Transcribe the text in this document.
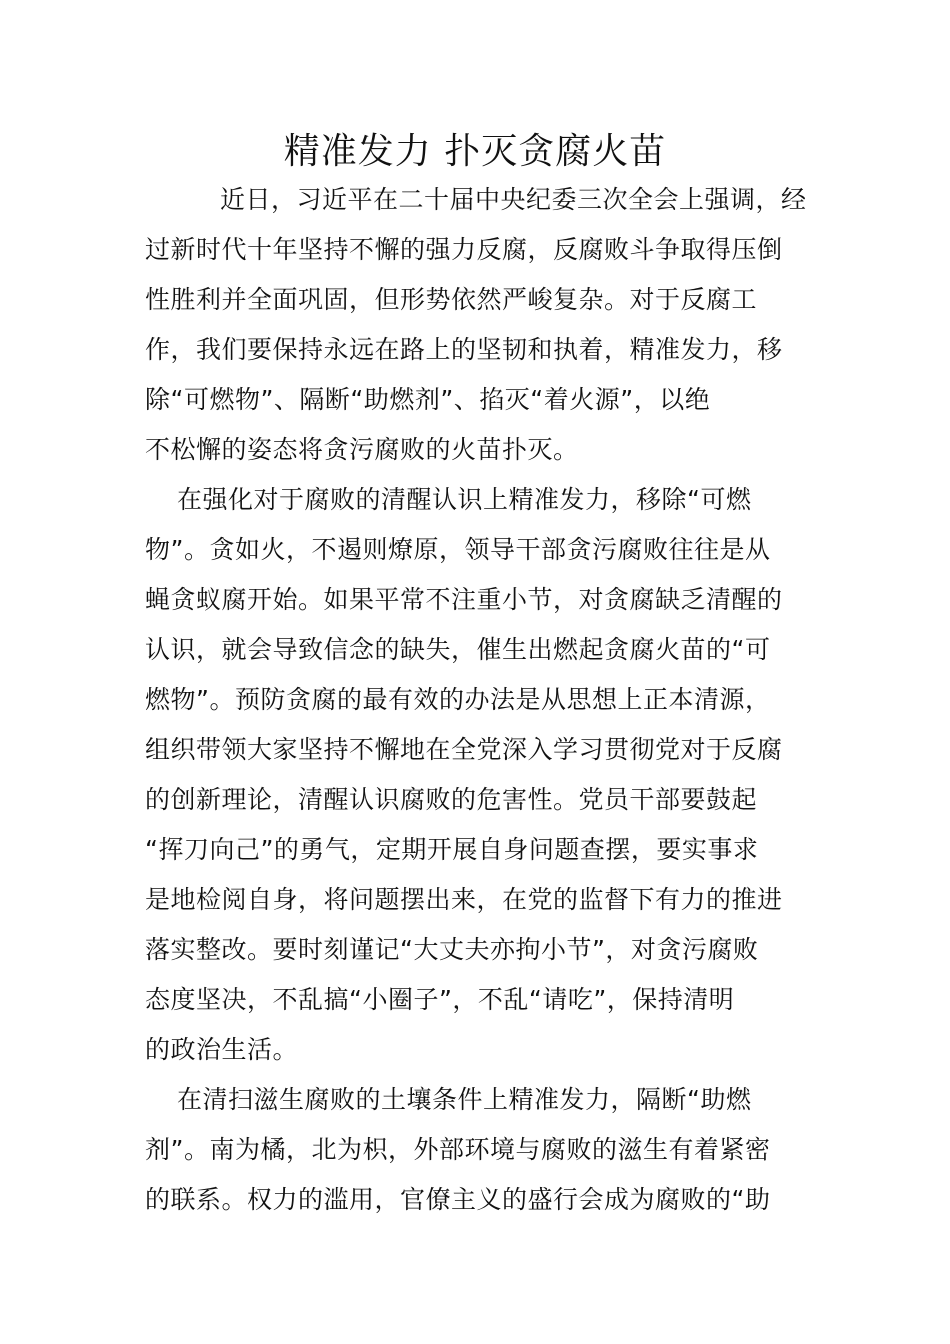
精准发力 扑灭贪腐火苗
近日，习近平在二十届中央纪委三次全会上强调，经
过新时代十年坚持不懈的强力反腐，反腐败斗争取得压倒
性胜利并全面巩固，但形势依然严峻复杂。对于反腐工
作，我们要保持永远在路上的坚韧和执着，精准发力，移
除“可燃物”、隔断“助燃剂”、掐灭“着火源”，以绝
不松懈的姿态将贪污腐败的火苗扑灭。
在强化对于腐败的清醒认识上精准发力，移除“可燃
物”。贪如火，不遏则燎原，领导干部贪污腐败往往是从
蝇贪蚁腐开始。如果平常不注重小节，对贪腐缺乏清醒的
认识，就会导致信念的缺失，催生出燃起贪腐火苗的“可
燃物”。预防贪腐的最有效的办法是从思想上正本清源，
组织带领大家坚持不懈地在全党深入学习贯彻党对于反腐
的创新理论，清醒认识腐败的危害性。党员干部要鼓起
“挥刀向己”的勇气，定期开展自身问题查摆，要实事求
是地检阅自身，将问题摆出来，在党的监督下有力的推进
落实整改。要时刻谨记“大丈夫亦拘小节”，对贪污腐败
态度坚决，不乱搞“小圈子”，不乱“请吃”，保持清明
的政治生活。
在清扫滋生腐败的土壤条件上精准发力，隔断“助燃
剂”。南为橘，北为枳，外部环境与腐败的滋生有着紧密
的联系。权力的滥用，官僚主义的盛行会成为腐败的“助
